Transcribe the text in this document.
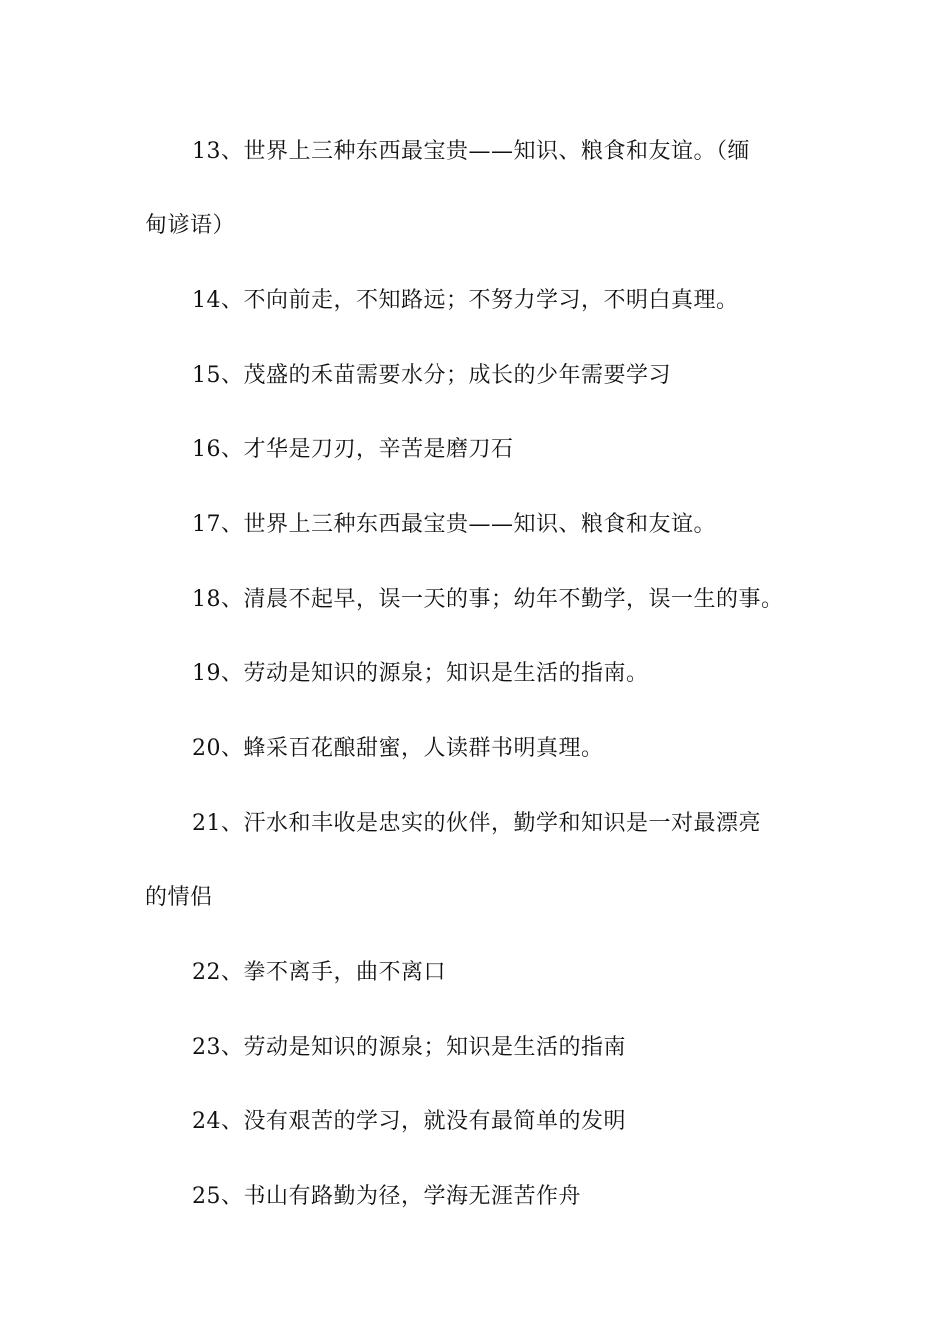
13、世界上三种东西最宝贵——知识、粮食和友谊。（缅
甸谚语）
14、不向前走，不知路远；不努力学习，不明白真理。
15、茂盛的禾苗需要水分；成长的少年需要学习
16、才华是刀刃，辛苦是磨刀石
17、世界上三种东西最宝贵——知识、粮食和友谊。
18、清晨不起早，误一天的事；幼年不勤学，误一生的事。
19、劳动是知识的源泉；知识是生活的指南。
20、蜂采百花酿甜蜜，人读群书明真理。
21、汗水和丰收是忠实的伙伴，勤学和知识是一对最漂亮
的情侣
22、拳不离手，曲不离口
23、劳动是知识的源泉；知识是生活的指南
24、没有艰苦的学习，就没有最简单的发明
25、书山有路勤为径，学海无涯苦作舟
